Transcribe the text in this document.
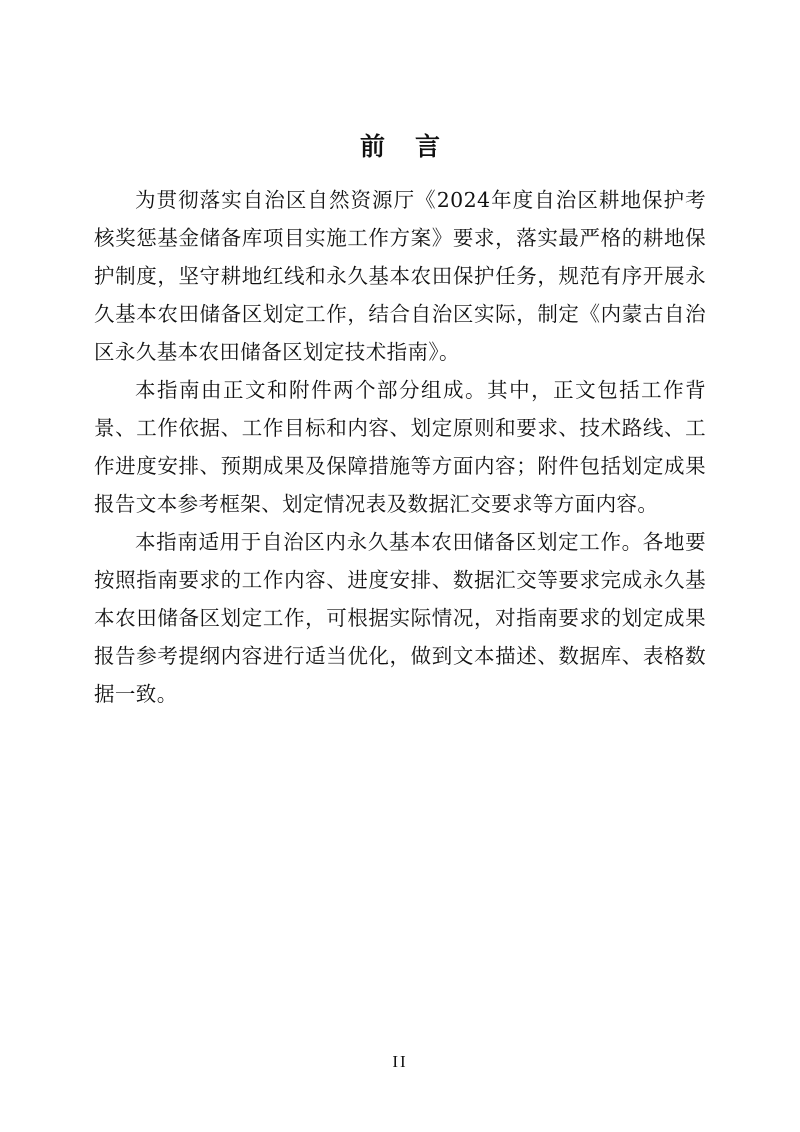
前言

为贯彻落实自治区自然资源厅《2024年度自治区耕地保护考核奖惩基金储备库项目实施工作方案》要求，落实最严格的耕地保护制度，坚守耕地红线和永久基本农田保护任务，规范有序开展永久基本农田储备区划定工作，结合自治区实际，制定《内蒙古自治区永久基本农田储备区划定技术指南》。

本指南由正文和附件两个部分组成。其中，正文包括工作背景、工作依据、工作目标和内容、划定原则和要求、技术路线、工作进度安排、预期成果及保障措施等方面内容；附件包括划定成果报告文本参考框架、划定情况表及数据汇交要求等方面内容。

本指南适用于自治区内永久基本农田储备区划定工作。各地要按照指南要求的工作内容、进度安排、数据汇交等要求完成永久基本农田储备区划定工作，可根据实际情况，对指南要求的划定成果报告参考提纲内容进行适当优化，做到文本描述、数据库、表格数据一致。

II
